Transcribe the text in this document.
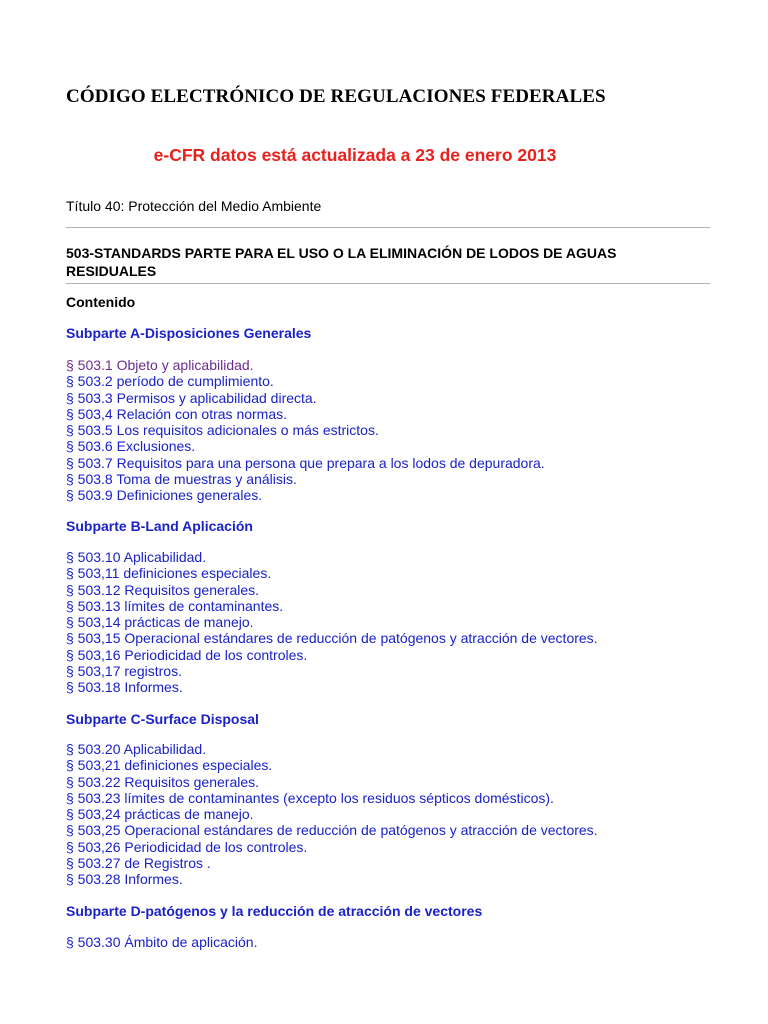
CÓDIGO ELECTRÓNICO DE REGULACIONES FEDERALES
e-CFR datos está actualizada a 23 de enero 2013
Título 40: Protección del Medio Ambiente
503-STANDARDS PARTE PARA EL USO O LA ELIMINACIÓN DE LODOS DE AGUAS RESIDUALES
Contenido
Subparte A-Disposiciones Generales
§ 503.1 Objeto y aplicabilidad.
§ 503.2 período de cumplimiento.
§ 503.3 Permisos y aplicabilidad directa.
§ 503,4 Relación con otras normas.
§ 503.5 Los requisitos adicionales o más estrictos.
§ 503.6 Exclusiones.
§ 503.7 Requisitos para una persona que prepara a los lodos de depuradora.
§ 503.8 Toma de muestras y análisis.
§ 503.9 Definiciones generales.
Subparte B-Land Aplicación
§ 503.10 Aplicabilidad.
§ 503,11 definiciones especiales.
§ 503.12 Requisitos generales.
§ 503.13 límites de contaminantes.
§ 503,14 prácticas de manejo.
§ 503,15 Operacional estándares de reducción de patógenos y atracción de vectores.
§ 503,16 Periodicidad de los controles.
§ 503,17 registros.
§ 503.18 Informes.
Subparte C-Surface Disposal
§ 503.20 Aplicabilidad.
§ 503,21 definiciones especiales.
§ 503.22 Requisitos generales.
§ 503.23 límites de contaminantes (excepto los residuos sépticos domésticos).
§ 503,24 prácticas de manejo.
§ 503,25 Operacional estándares de reducción de patógenos y atracción de vectores.
§ 503,26 Periodicidad de los controles.
§ 503.27 de Registros .
§ 503.28 Informes.
Subparte D-patógenos y la reducción de atracción de vectores
§ 503.30 Ámbito de aplicación.
